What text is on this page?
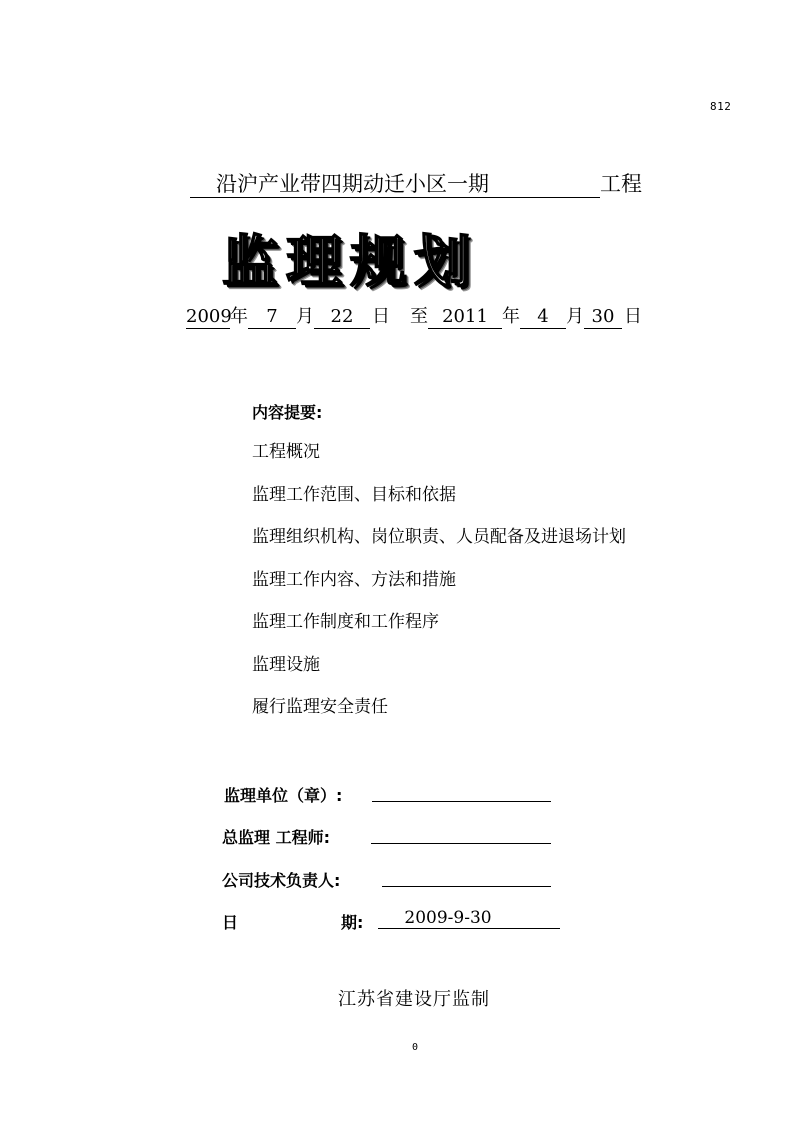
812
沿沪产业带四期动迁小区一期	工程
监理规划
2009年 7 月 22 日 至 2011 年 4 月 30 日
内容提要:
工程概况
监理工作范围、目标和依据
监理组织机构、岗位职责、人员配备及进退场计划
监理工作内容、方法和措施
监理工作制度和工作程序
监理设施
履行监理安全责任
监理单位（章）:
总监理 工程师:
公司技术负责人:
日	期:	2009-9-30
江苏省建设厅监制
0
